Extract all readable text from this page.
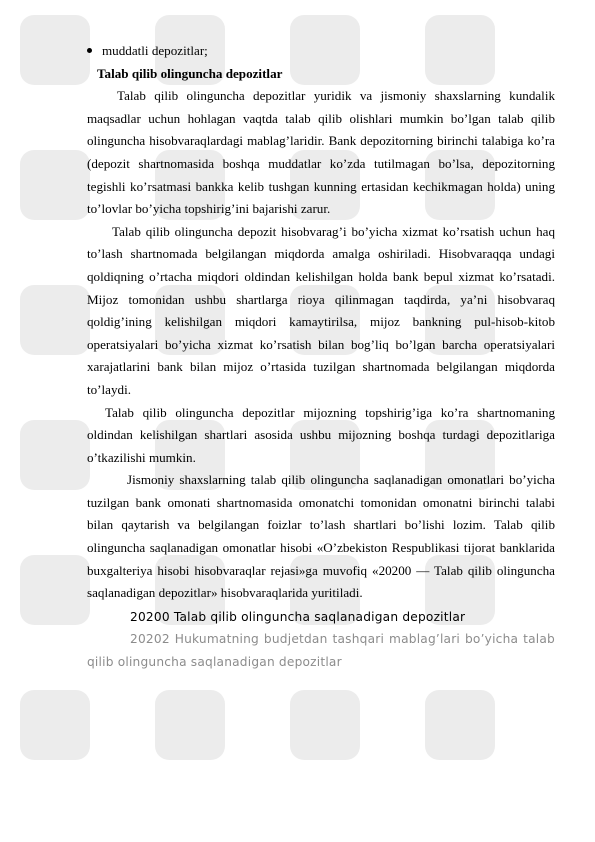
muddatli depozitlar;
Talab qilib olinguncha depozitlar

Talab qilib olinguncha depozitlar yuridik va jismoniy shaxslarning kundalik maqsadlar uchun hohlagan vaqtda talab qilib olishlari mumkin bo’lgan talab qilib olinguncha hisobvaraqlardagi mablag’laridir. Bank depozitorning birinchi talabiga ko’ra (depozit shartnomasida boshqa muddatlar ko’zda tutilmagan bo’lsa, depozitorning tegishli ko’rsatmasi bankka kelib tushgan kunning ertasidan kechikmagan holda) uning to’lovlar bo’yicha topshirig’ini bajarishi zarur.

Talab qilib olinguncha depozit hisobvarag’i bo’yicha xizmat ko’rsatish uchun haq to’lash shartnomada belgilangan miqdorda amalga oshiriladi. Hisobvaraqqa undagi qoldiqning o’rtacha miqdori oldindan kelishilgan holda bank bepul xizmat ko’rsatadi. Mijoz tomonidan ushbu shartlarga rioya qilinmagan taqdirda, ya’ni hisobvaraq qoldig’ining kelishilgan miqdori kamaytirilsa, mijoz bankning pul-hisob-kitob operatsiyalari bo’yicha xizmat ko’rsatish bilan bog’liq bo’lgan barcha operatsiyalari xarajatlarini bank bilan mijoz o’rtasida tuzilgan shartnomada belgilangan miqdorda to’laydi.

Talab qilib olinguncha depozitlar mijozning topshirig’iga ko’ra shartnomaning oldindan kelishilgan shartlari asosida ushbu mijozning boshqa turdagi depozitlariga o’tkazilishi mumkin.

Jismoniy shaxslarning talab qilib olinguncha saqlanadigan omonatlari bo’yicha tuzilgan bank omonati shartnomasida omonatchi tomonidan omonatni birinchi talabi bilan qaytarish va belgilangan foizlar to’lash shartlari bo’lishi lozim. Talab qilib olinguncha saqlanadigan omonatlar hisobi «O’zbekiston Respublikasi tijorat banklarida buxgalteriya hisobi hisobvaraqlar rejasi»ga muvofiq «20200 — Talab qilib olinguncha saqlanadigan depozitlar» hisobvaraqlarida yuritiladi.

20200 Talab qilib olinguncha saqlanadigan depozitlar

20202 Hukumatning budjetdan tashqari mablag’lari bo’yicha talab qilib olinguncha saqlanadigan depozitlar
